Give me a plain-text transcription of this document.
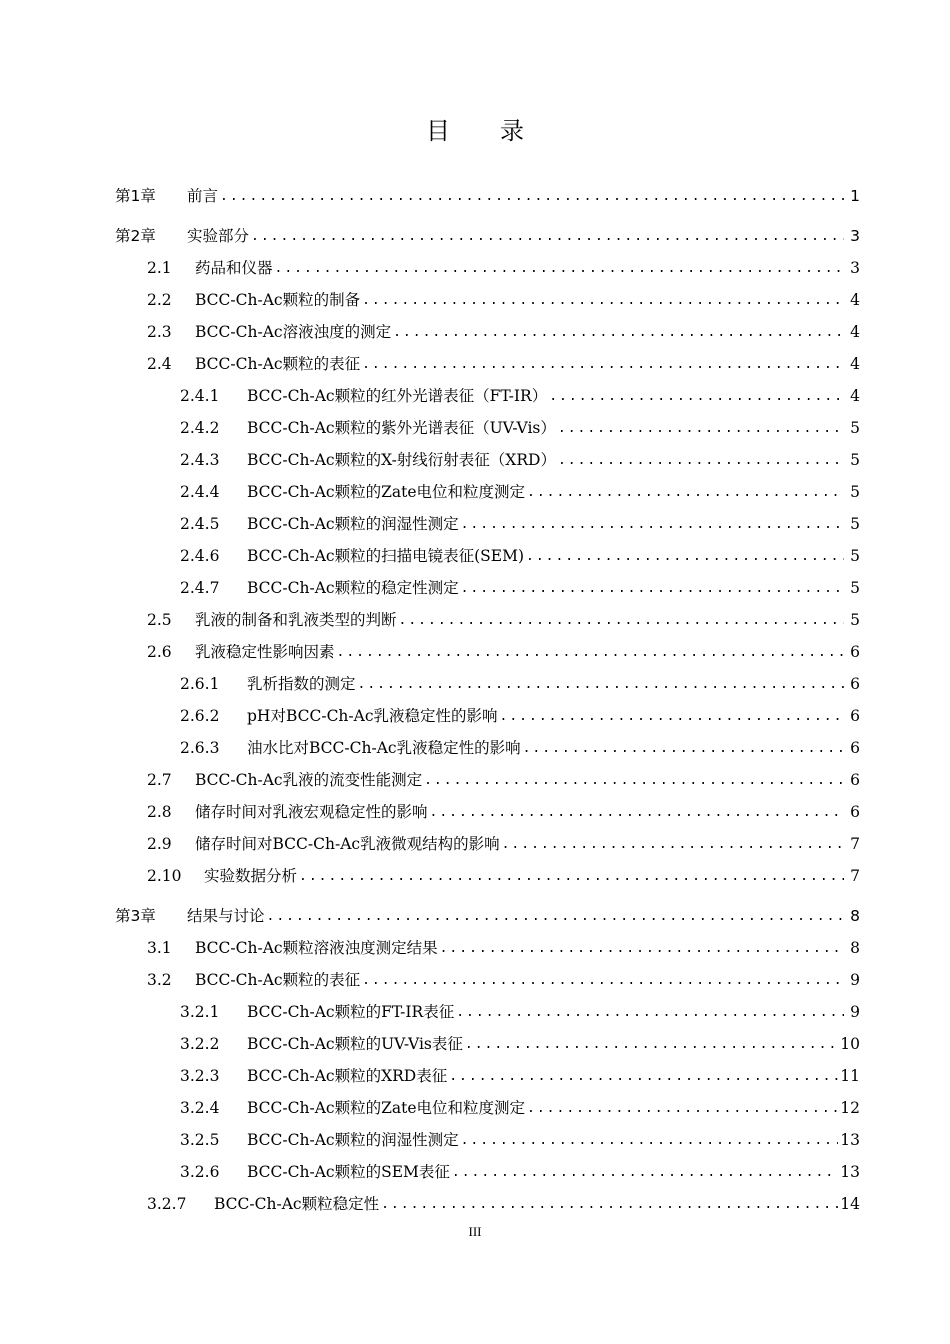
目录
第1章	前言 .....	1
第2章	实验部分 .....	3
2.1	药品和仪器 .....	3
2.2	BCC-Ch-Ac颗粒的制备 .....	4
2.3	BCC-Ch-Ac溶液浊度的测定 .....	4
2.4	BCC-Ch-Ac颗粒的表征 .....	4
2.4.1	BCC-Ch-Ac颗粒的红外光谱表征（FT-IR） .....	4
2.4.2	BCC-Ch-Ac颗粒的紫外光谱表征（UV-Vis） .....	5
2.4.3	BCC-Ch-Ac颗粒的X-射线衍射表征（XRD） .....	5
2.4.4	BCC-Ch-Ac颗粒的Zate电位和粒度测定 .....	5
2.4.5	BCC-Ch-Ac颗粒的润湿性测定 .....	5
2.4.6	BCC-Ch-Ac颗粒的扫描电镜表征(SEM) .....	5
2.4.7	BCC-Ch-Ac颗粒的稳定性测定 .....	5
2.5	乳液的制备和乳液类型的判断 .....	5
2.6	乳液稳定性影响因素 .....	6
2.6.1	乳析指数的测定 .....	6
2.6.2	pH对BCC-Ch-Ac乳液稳定性的影响 .....	6
2.6.3	油水比对BCC-Ch-Ac乳液稳定性的影响 .....	6
2.7	BCC-Ch-Ac乳液的流变性能测定 .....	6
2.8	储存时间对乳液宏观稳定性的影响 .....	6
2.9	储存时间对BCC-Ch-Ac乳液微观结构的影响 .....	7
2.10	实验数据分析 .....	7
第3章	结果与讨论 .....	8
3.1	BCC-Ch-Ac颗粒溶液浊度测定结果 .....	8
3.2	BCC-Ch-Ac颗粒的表征 .....	9
3.2.1	BCC-Ch-Ac颗粒的FT-IR表征 .....	9
3.2.2	BCC-Ch-Ac颗粒的UV-Vis表征 .....	10
3.2.3	BCC-Ch-Ac颗粒的XRD表征 .....	11
3.2.4	BCC-Ch-Ac颗粒的Zate电位和粒度测定 .....	12
3.2.5	BCC-Ch-Ac颗粒的润湿性测定 .....	13
3.2.6	BCC-Ch-Ac颗粒的SEM表征 .....	13
3.2.7	BCC-Ch-Ac颗粒稳定性 .....	14
III
